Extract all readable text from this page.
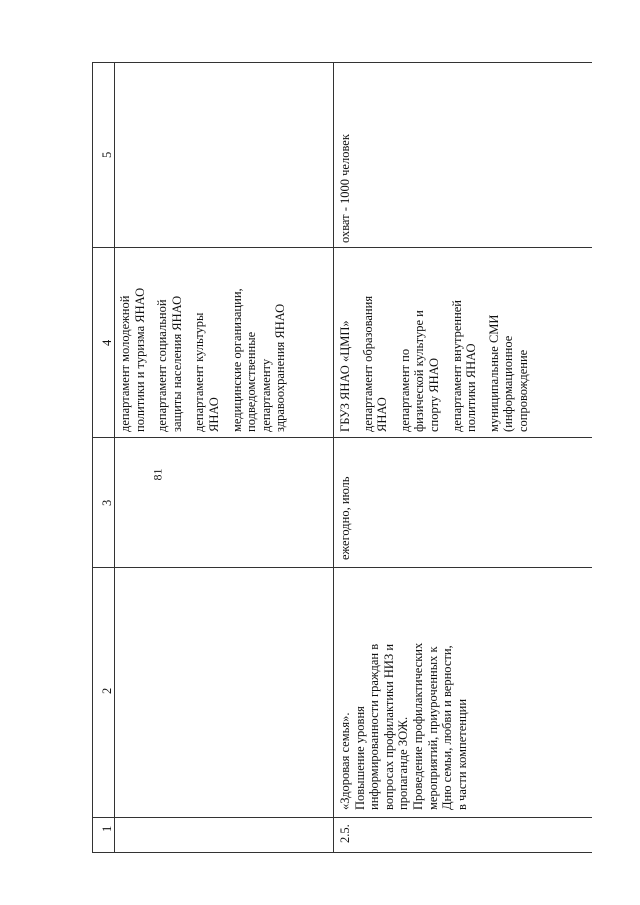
81
1
2
3
4
5
департамент молодежной политики и туризма ЯНАО департамент социальной защиты населения ЯНАО департамент культуры ЯНАО медицинские организации, подведомственные департаменту здравоохранения ЯНАО
2.5.
«Здоровая семья». Повышение уровня информированности граждан в вопросах профилактики НИЗ и пропаганде ЗОЖ. Проведение профилактических мероприятий, приуроченных к Дню семьи, любви и верности, в части компетенции
ежегодно, июль
ГБУЗ ЯНАО «ЦМП» департамент образования ЯНАО департамент по физической культуре и спорту ЯНАО департамент внутренней политики ЯНАО муниципальные СМИ (информационное сопровождение
охват - 1000 человек
